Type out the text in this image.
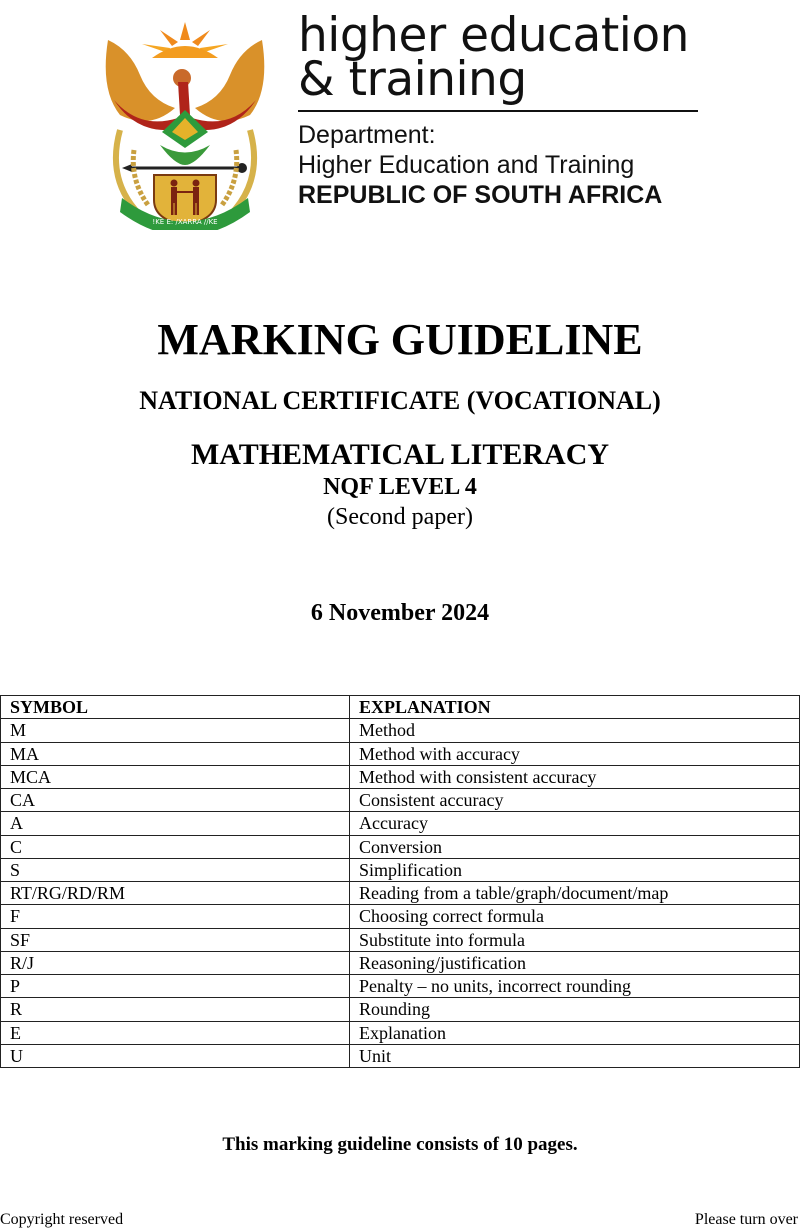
!KE E: /XARRA //KE
higher education
& training
Department:
Higher Education and Training
REPUBLIC OF SOUTH AFRICA
MARKING GUIDELINE
NATIONAL CERTIFICATE (VOCATIONAL)
MATHEMATICAL LITERACY
NQF LEVEL 4
(Second paper)
6 November 2024
SYMBOL	EXPLANATION
M	Method
MA	Method with accuracy
MCA	Method with consistent accuracy
CA	Consistent accuracy
A	Accuracy
C	Conversion
S	Simplification
RT/RG/RD/RM	Reading from a table/graph/document/map
F	Choosing correct formula
SF	Substitute into formula
R/J	Reasoning/justification
P	Penalty – no units, incorrect rounding
R	Rounding
E	Explanation
U	Unit
This marking guideline consists of 10 pages.
Copyright reserved	Please turn over
